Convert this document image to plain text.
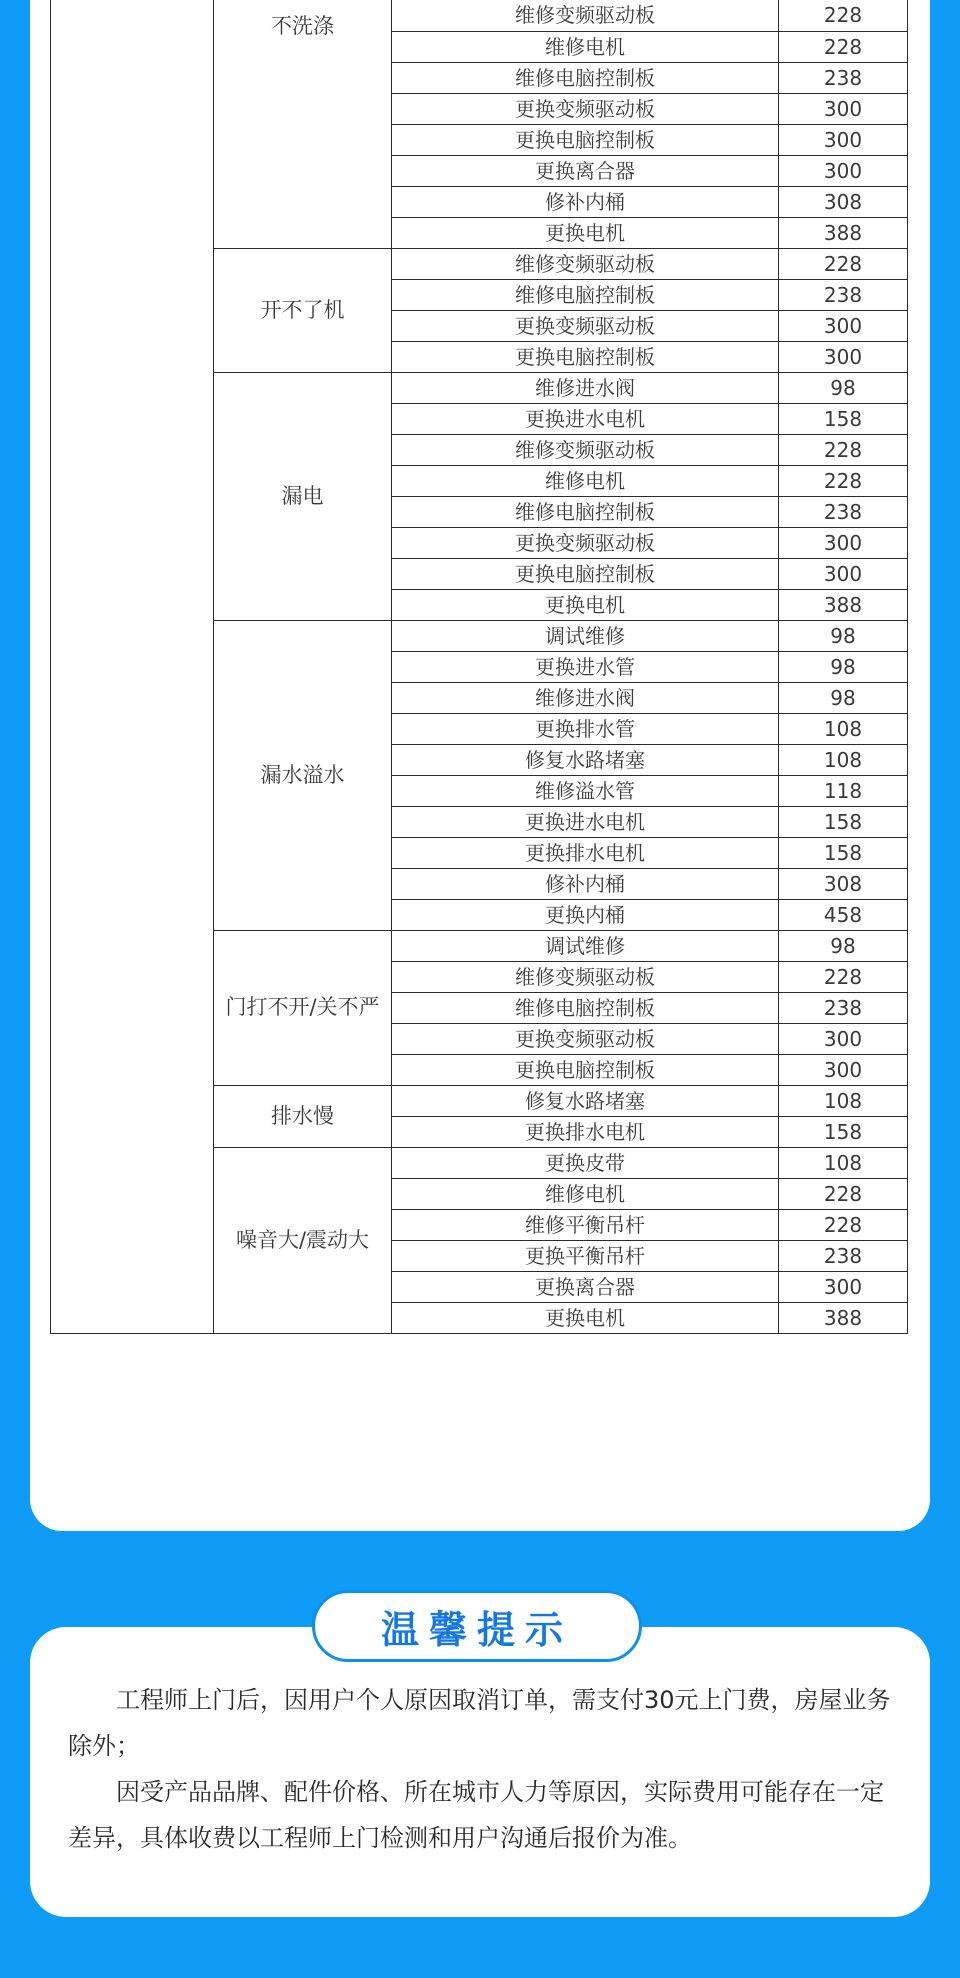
	不洗涤	维修变频驱动板	228
		维修电机	228
		维修电脑控制板	238
		更换变频驱动板	300
		更换电脑控制板	300
		更换离合器	300
		修补内桶	308
		更换电机	388
	开不了机	维修变频驱动板	228
		维修电脑控制板	238
		更换变频驱动板	300
		更换电脑控制板	300
	漏电	维修进水阀	98
		更换进水电机	158
		维修变频驱动板	228
		维修电机	228
		维修电脑控制板	238
		更换变频驱动板	300
		更换电脑控制板	300
		更换电机	388
	漏水溢水	调试维修	98
		更换进水管	98
		维修进水阀	98
		更换排水管	108
		修复水路堵塞	108
		维修溢水管	118
		更换进水电机	158
		更换排水电机	158
		修补内桶	308
		更换内桶	458
	门打不开/关不严	调试维修	98
		维修变频驱动板	228
		维修电脑控制板	238
		更换变频驱动板	300
		更换电脑控制板	300
	排水慢	修复水路堵塞	108
		更换排水电机	158
	噪音大/震动大	更换皮带	108
		维修电机	228
		维修平衡吊杆	228
		更换平衡吊杆	238
		更换离合器	300
		更换电机	388

工程师上门后，因用户个人原因取消订单，需支付30元上门费，房屋业务除外；

因受产品品牌、配件价格、所在城市人力等原因，实际费用可能存在一定差异，具体收费以工程师上门检测和用户沟通后报价为准。

温馨提示
